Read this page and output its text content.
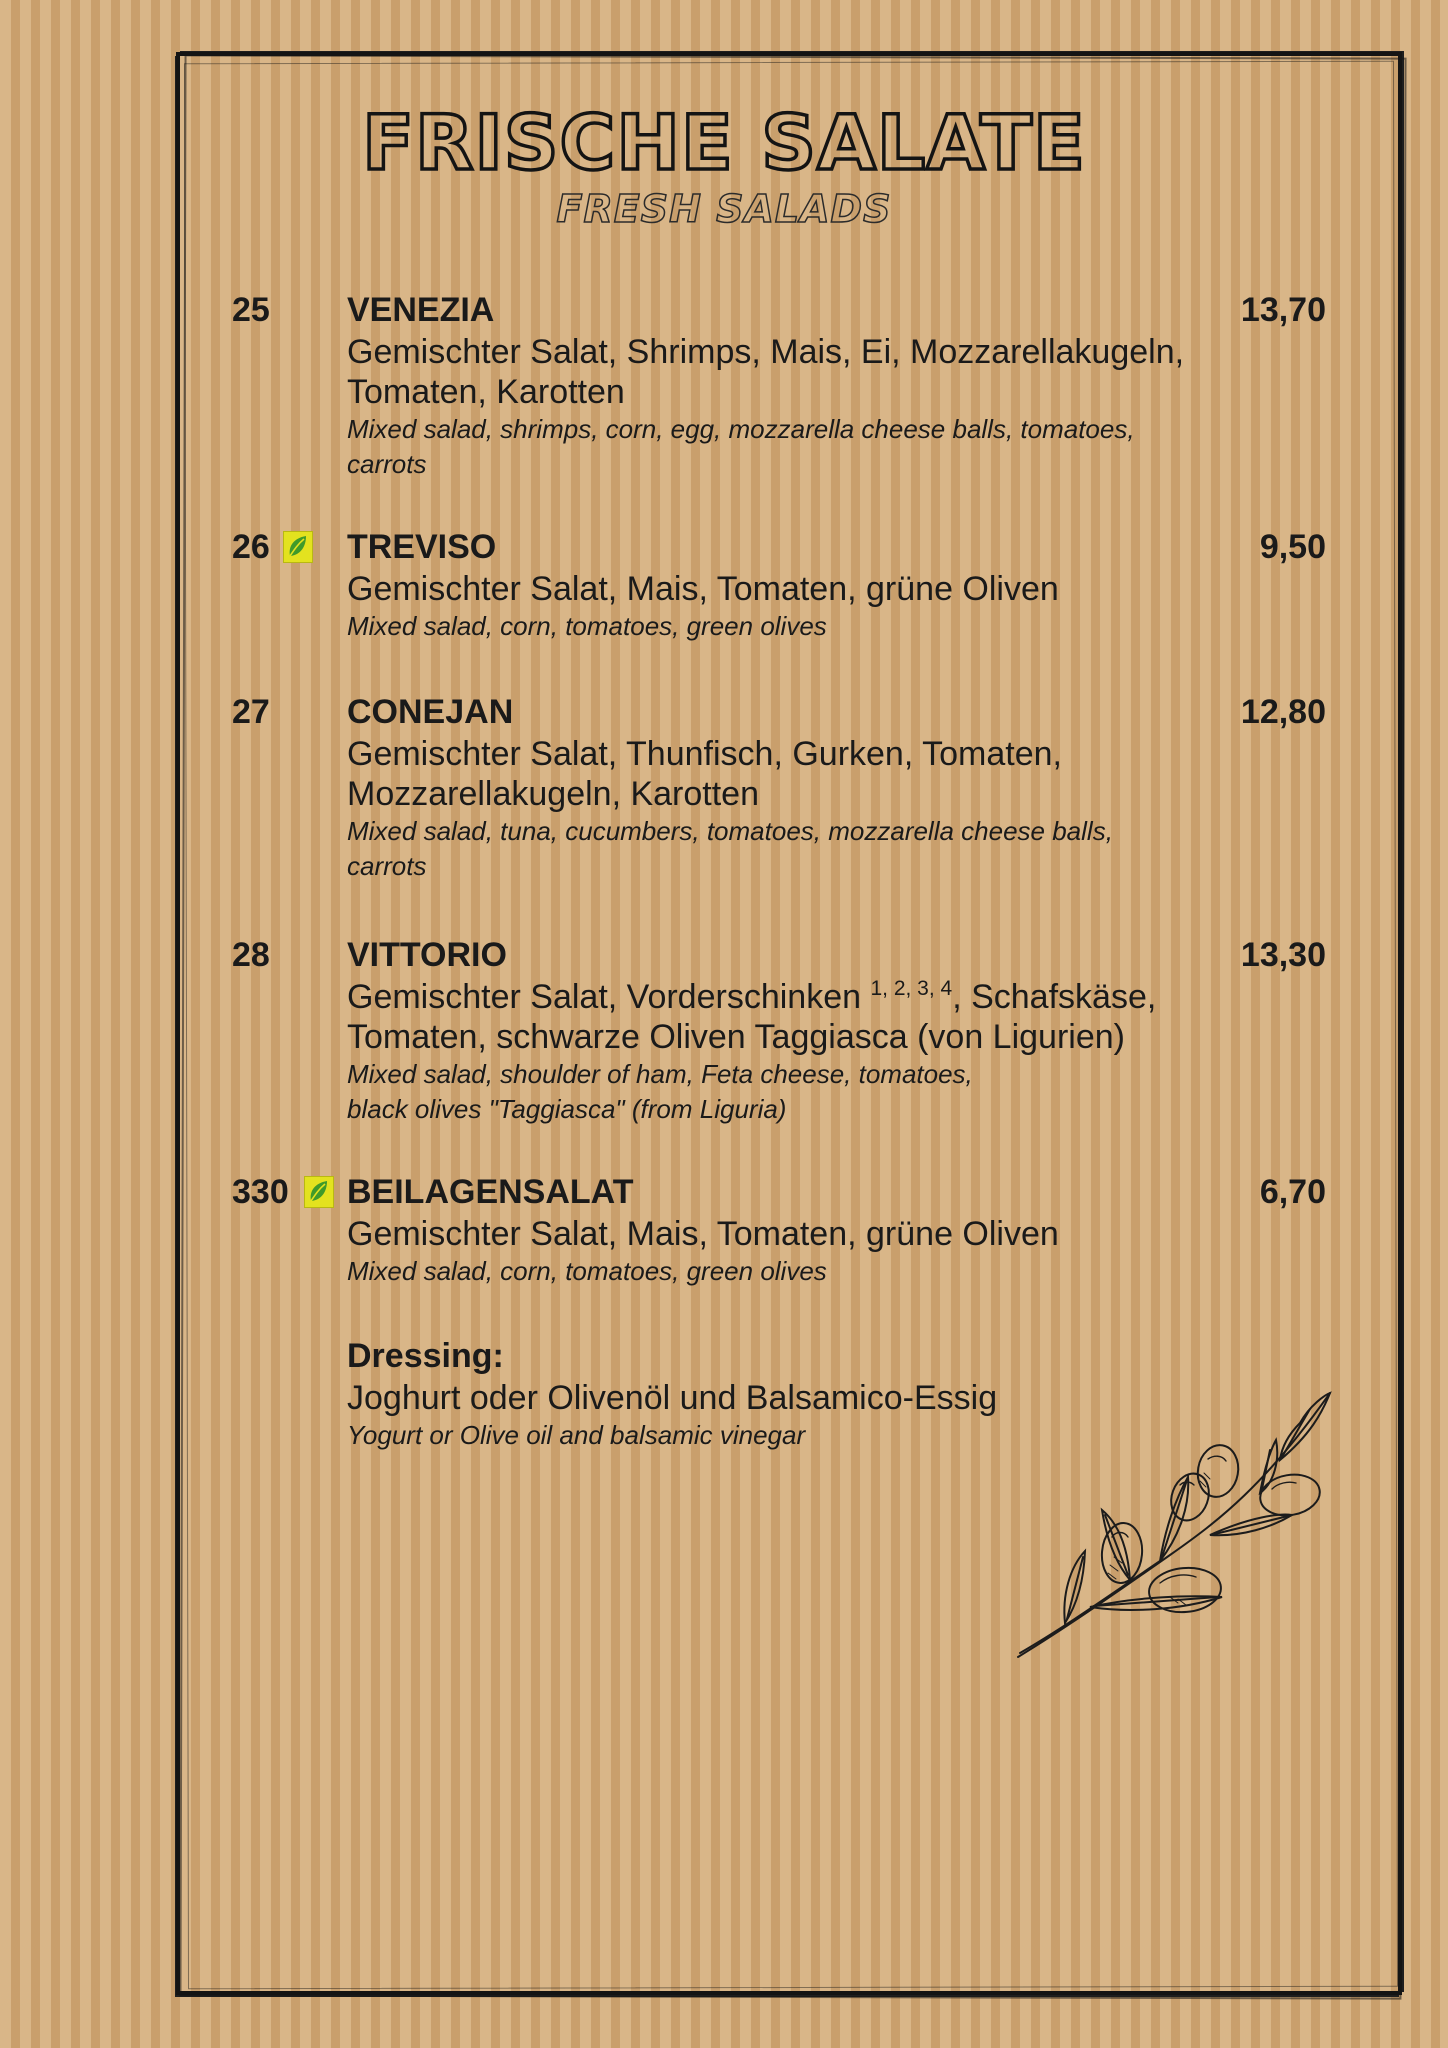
FRISCHE SALATE
FRESH SALADS
25	13,70
VENEZIA
Gemischter Salat, Shrimps, Mais, Ei, Mozzarellakugeln,
Tomaten, Karotten
Mixed salad, shrimps, corn, egg, mozzarella cheese balls, tomatoes,
carrots
26	9,50
TREVISO
Gemischter Salat, Mais, Tomaten, grüne Oliven
Mixed salad, corn, tomatoes, green olives
27	12,80
CONEJAN
Gemischter Salat, Thunfisch, Gurken, Tomaten,
Mozzarellakugeln, Karotten
Mixed salad, tuna, cucumbers, tomatoes, mozzarella cheese balls,
carrots
28	13,30
VITTORIO
Gemischter Salat, Vorderschinken $^{1, 2, 3, 4}$, Schafskäse,
Tomaten, schwarze Oliven Taggiasca (von Ligurien)
Mixed salad, shoulder of ham, Feta cheese, tomatoes,
black olives "Taggiasca" (from Liguria)
330	6,70
BEILAGENSALAT
Gemischter Salat, Mais, Tomaten, grüne Oliven
Mixed salad, corn, tomatoes, green olives
Dressing:
Joghurt oder Olivenöl und Balsamico-Essig
Yogurt or Olive oil and balsamic vinegar
